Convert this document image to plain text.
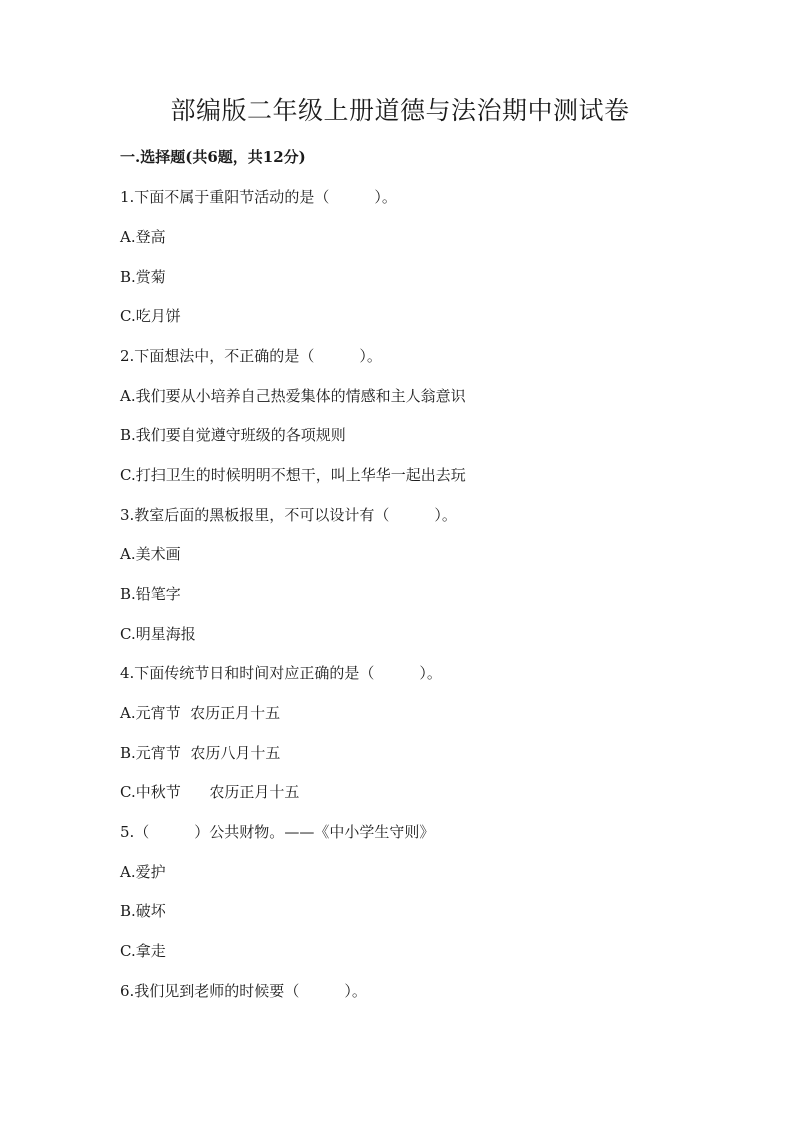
部编版二年级上册道德与法治期中测试卷

一.选择题(共6题，共12分)

1.下面不属于重阳节活动的是（　　　）。

A.登高

B.赏菊

C.吃月饼

2.下面想法中，不正确的是（　　　）。

A.我们要从小培养自己热爱集体的情感和主人翁意识

B.我们要自觉遵守班级的各项规则

C.打扫卫生的时候明明不想干，叫上华华一起出去玩

3.教室后面的黑板报里，不可以设计有（　　　）。

A.美术画

B.铅笔字

C.明星海报

4.下面传统节日和时间对应正确的是（　　　）。

A.元宵节  农历正月十五

B.元宵节  农历八月十五

C.中秋节      农历正月十五

5.（　　　）公共财物。——《中小学生守则》

A.爱护

B.破坏

C.拿走

6.我们见到老师的时候要（　　　）。
